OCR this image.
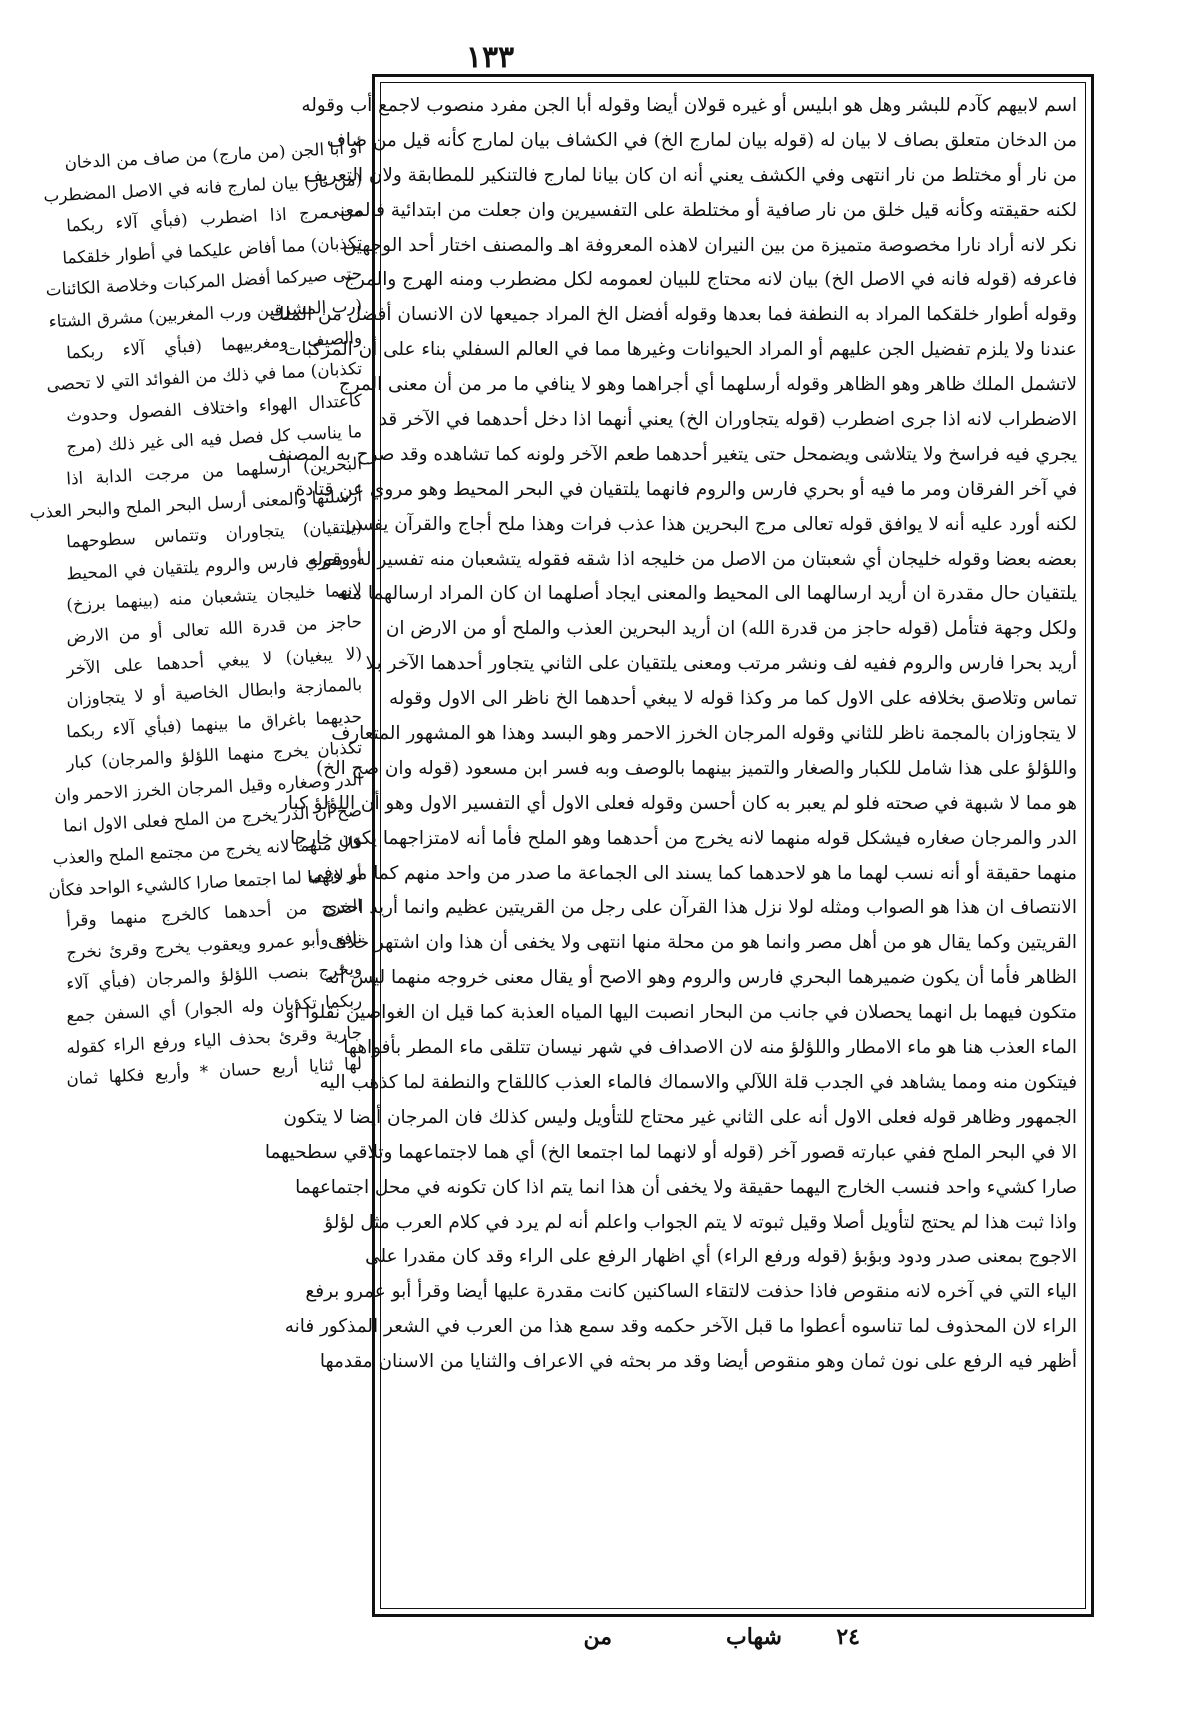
١٣٣
أو أبا الجن (من مارج) من صاف من الدخان
(من نار) بيان لمارج فانه في الاصل المضطرب
من مرج اذا اضطرب (فبأي آلاء ربكما
تكذبان) مما أفاض عليكما في أطوار خلقكما
حتى صيركما أفضل المركبات وخلاصة الكائنات
(رب المشرقين ورب المغربين) مشرق الشتاء
والصيف ومغربيهما (فبأي آلاء ربكما
تكذبان) مما في ذلك من الفوائد التي لا تحصى
كاعتدال الهواء واختلاف الفصول وحدوث
ما يناسب كل فصل فيه الى غير ذلك (مرج
البحرين) أرسلهما من مرجت الدابة اذا
أرسلتها والمعنى أرسل البحر الملح والبحر العذب
(يلتقيان) يتجاوران وتتماس سطوحهما
أو بحري فارس والروم يلتقيان في المحيط
لانهما خليجان يتشعبان منه (بينهما برزخ)
حاجز من قدرة الله تعالى أو من الارض
(لا يبغيان) لا يبغي أحدهما على الآخر
بالممازجة وابطال الخاصية أو لا يتجاوزان
حديهما باغراق ما بينهما (فبأي آلاء ربكما
تكذبان يخرج منهما اللؤلؤ والمرجان) كبار
الدر وصغاره وقيل المرجان الخرز الاحمر وان
صح أن الدر يخرج من الملح فعلى الاول انما
قال منهما لانه يخرج من مجتمع الملح والعذب
أو لانهما لما اجتمعا صارا كالشيء الواحد فكأن
الخرج من أحدهما كالخرج منهما وقرأ
نافع وأبو عمرو ويعقوب يخرج وقرئ نخرج
ويخرج بنصب اللؤلؤ والمرجان (فبأي آلاء
ربكما تكذبان وله الجوار) أي السفن جمع
جارية وقرئ بحذف الياء ورفع الراء كقوله
لها ثنايا أربع حسان * وأربع فكلها ثمان
اسم لابيهم كآدم للبشر وهل هو ابليس أو غيره قولان أيضا وقوله أبا الجن مفرد منصوب لاجمع أب وقوله
من الدخان متعلق بصاف لا بيان له (قوله بيان لمارج الخ) في الكشاف بيان لمارج كأنه قيل من صاف
من نار أو مختلط من نار انتهى وفي الكشف يعني أنه ان كان بيانا لمارج فالتنكير للمطابقة ولان التعريف
لكنه حقيقته وكأنه قيل خلق من نار صافية أو مختلطة على التفسيرين وان جعلت من ابتدائية فالمعنى
نكر لانه أراد نارا مخصوصة متميزة من بين النيران لاهذه المعروفة اهـ والمصنف اختار أحد الوجهين
فاعرفه (قوله فانه في الاصل الخ) بيان لانه محتاج للبيان لعمومه لكل مضطرب ومنه الهرج والمرج
وقوله أطوار خلقكما المراد به النطفة فما بعدها وقوله أفضل الخ المراد جميعها لان الانسان أفضل من الملك
عندنا ولا يلزم تفضيل الجن عليهم أو المراد الحيوانات وغيرها مما في العالم السفلي بناء على أن المركبات
لاتشمل الملك ظاهر وهو الظاهر وقوله أرسلهما أي أجراهما وهو لا ينافي ما مر من أن معنى المرج
الاضطراب لانه اذا جرى اضطرب (قوله يتجاوران الخ) يعني أنهما اذا دخل أحدهما في الآخر قد
يجري فيه فراسخ ولا يتلاشى ويضمحل حتى يتغير أحدهما طعم الآخر ولونه كما تشاهده وقد صرح به المصنف
في آخر الفرقان ومر ما فيه أو بحري فارس والروم فانهما يلتقيان في البحر المحيط وهو مروي عن قتادة
لكنه أورد عليه أنه لا يوافق قوله تعالى مرج البحرين هذا عذب فرات وهذا ملح أجاج والقرآن يفسر
بعضه بعضا وقوله خليجان أي شعبتان من الاصل من خليجه اذا شقه فقوله يتشعبان منه تفسير له وقوله
يلتقيان حال مقدرة ان أريد ارسالهما الى المحيط والمعنى ايجاد أصلهما ان كان المراد ارسالهما منه
ولكل وجهة فتأمل (قوله حاجز من قدرة الله) ان أريد البحرين العذب والملح أو من الارض ان
أريد بحرا فارس والروم ففيه لف ونشر مرتب ومعنى يلتقيان على الثاني يتجاور أحدهما الآخر بلا
تماس وتلاصق بخلافه على الاول كما مر وكذا قوله لا يبغي أحدهما الخ ناظر الى الاول وقوله
لا يتجاوزان بالمجمة ناظر للثاني وقوله المرجان الخرز الاحمر وهو البسد وهذا هو المشهور المتعارف
واللؤلؤ على هذا شامل للكبار والصغار والتميز بينهما بالوصف وبه فسر ابن مسعود (قوله وان صح الخ)
هو مما لا شبهة في صحته فلو لم يعبر به كان أحسن وقوله فعلى الاول أي التفسير الاول وهو أن اللؤلؤ كبار
الدر والمرجان صغاره فيشكل قوله منهما لانه يخرج من أحدهما وهو الملح فأما أنه لامتزاجهما يكون خارجا
منهما حقيقة أو أنه نسب لهما ما هو لاحدهما كما يسند الى الجماعة ما صدر من واحد منهم كما مر وفي
الانتصاف ان هذا هو الصواب ومثله لولا نزل هذا القرآن على رجل من القريتين عظيم وانما أريد احدى
القريتين وكما يقال هو من أهل مصر وانما هو من محلة منها انتهى ولا يخفى أن هذا وان اشتهر خلاف
الظاهر فأما أن يكون ضميرهما البحري فارس والروم وهو الاصح أو يقال معنى خروجه منهما ليس أنه
متكون فيهما بل انهما يحصلان في جانب من البحار انصبت اليها المياه العذبة كما قيل ان الغواصين نقلوا أو
الماء العذب هنا هو ماء الامطار واللؤلؤ منه لان الاصداف في شهر نيسان تتلقى ماء المطر بأفواهها
فيتكون منه ومما يشاهد في الجدب قلة اللآلي والاسماك فالماء العذب كاللقاح والنطفة لما كذهب اليه
الجمهور وظاهر قوله فعلى الاول أنه على الثاني غير محتاج للتأويل وليس كذلك فان المرجان أيضا لا يتكون
الا في البحر الملح ففي عبارته قصور آخر (قوله أو لانهما لما اجتمعا الخ) أي هما لاجتماعهما وتلاقي سطحيهما
صارا كشيء واحد فنسب الخارج اليهما حقيقة ولا يخفى أن هذا انما يتم اذا كان تكونه في محل اجتماعهما
واذا ثبت هذا لم يحتج لتأويل أصلا وقيل ثبوته لا يتم الجواب واعلم أنه لم يرد في كلام العرب مثل لؤلؤ
الاجوج بمعنى صدر ودود وبؤبؤ (قوله ورفع الراء) أي اظهار الرفع على الراء وقد كان مقدرا على
الياء التي في آخره لانه منقوص فاذا حذفت لالتقاء الساكنين كانت مقدرة عليها أيضا وقرأ أبو عمرو برفع
الراء لان المحذوف لما تناسوه أعطوا ما قبل الآخر حكمه وقد سمع هذا من العرب في الشعر المذكور فانه
أظهر فيه الرفع على نون ثمان وهو منقوص أيضا وقد مر بحثه في الاعراف والثنايا من الاسنان مقدمها
٢٤
شهاب
من
